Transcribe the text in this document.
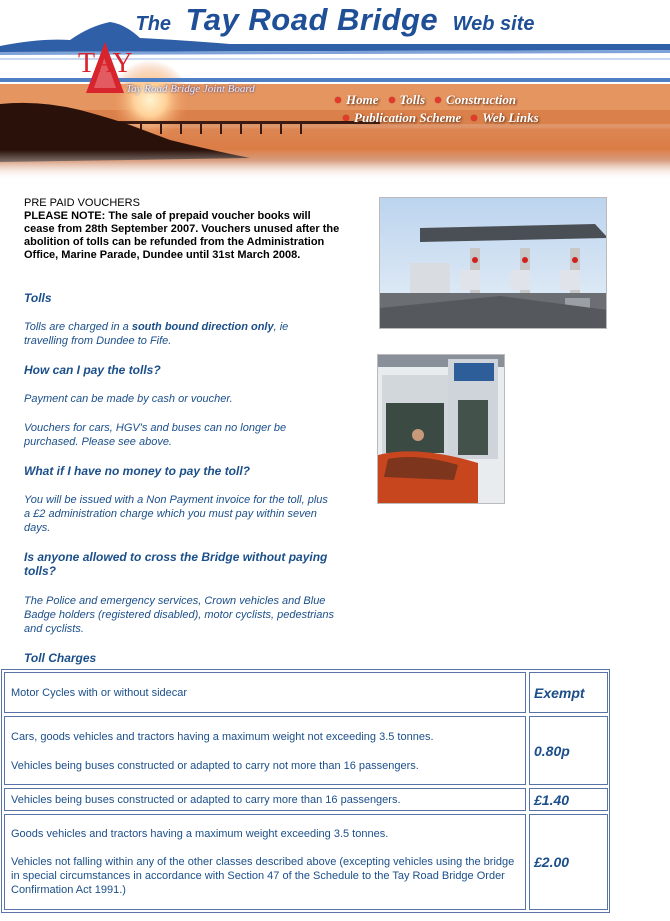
The Tay Road Bridge Web site
TAY
Tay Road Bridge Joint Board
Home Tolls Construction
Publication Scheme Web Links
PRE PAID VOUCHERS
PLEASE NOTE: The sale of prepaid voucher books will cease from 28th September 2007. Vouchers unused after the abolition of tolls can be refunded from the Administration Office, Marine Parade, Dundee until 31st March 2008.
Tolls
Tolls are charged in a south bound direction only, ie travelling from Dundee to Fife.
How can I pay the tolls?
Payment can be made by cash or voucher.
Vouchers for cars, HGV's and buses can no longer be purchased. Please see above.
What if I have no money to pay the toll?
You will be issued with a Non Payment invoice for the toll, plus a £2 administration charge which you must pay within seven days.
Is anyone allowed to cross the Bridge without paying tolls?
The Police and emergency services, Crown vehicles and Blue Badge holders (registered disabled), motor cyclists, pedestrians and cyclists.
Toll Charges
Motor Cycles with or without sidecar	Exempt
Cars, goods vehicles and tractors having a maximum weight not exceeding 3.5 tonnes.
Vehicles being buses constructed or adapted to carry not more than 16 passengers.
0.80p
Vehicles being buses constructed or adapted to carry more than 16 passengers.	£1.40
Goods vehicles and tractors having a maximum weight exceeding 3.5 tonnes.
Vehicles not falling within any of the other classes described above (excepting vehicles using the bridge in special circumstances in accordance with Section 47 of the Schedule to the Tay Road Bridge Order Confirmation Act 1991.)
£2.00
